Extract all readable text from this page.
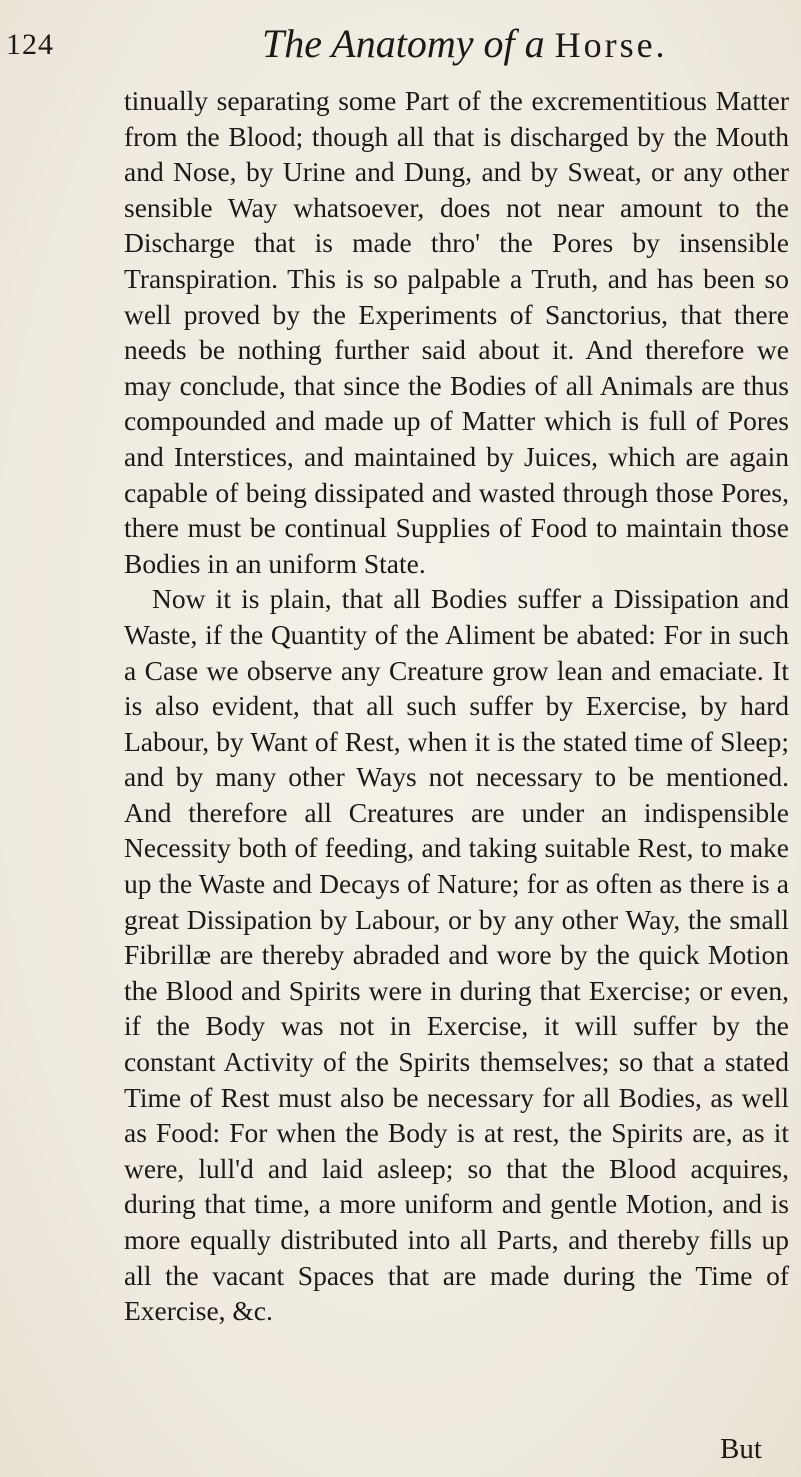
124	The Anatomy of a Horse.
tinually separating some Part of the excrementitious Matter from the Blood; though all that is discharged by the Mouth and Nose, by Urine and Dung, and by Sweat, or any other sensible Way whatsoever, does not near amount to the Discharge that is made thro' the Pores by insensible Transpiration. This is so palpable a Truth, and has been so well proved by the Experiments of Sanctorius, that there needs be nothing further said about it. And therefore we may conclude, that since the Bodies of all Animals are thus compounded and made up of Matter which is full of Pores and Interstices, and maintained by Juices, which are again capable of being dissipated and wasted through those Pores, there must be continual Supplies of Food to maintain those Bodies in an uniform State.
Now it is plain, that all Bodies suffer a Dissipation and Waste, if the Quantity of the Aliment be abated: For in such a Case we observe any Creature grow lean and emaciate. It is also evident, that all such suffer by Exercise, by hard Labour, by Want of Rest, when it is the stated time of Sleep; and by many other Ways not necessary to be mentioned. And therefore all Creatures are under an indispensible Necessity both of feeding, and taking suitable Rest, to make up the Waste and Decays of Nature; for as often as there is a great Dissipation by Labour, or by any other Way, the small Fibrillæ are thereby abraded and wore by the quick Motion the Blood and Spirits were in during that Exercise; or even, if the Body was not in Exercise, it will suffer by the constant Activity of the Spirits themselves; so that a stated Time of Rest must also be necessary for all Bodies, as well as Food: For when the Body is at rest, the Spirits are, as it were, lull'd and laid asleep; so that the Blood acquires, during that time, a more uniform and gentle Motion, and is more equally distributed into all Parts, and thereby fills up all the vacant Spaces that are made during the Time of Exercise, &c.
But
